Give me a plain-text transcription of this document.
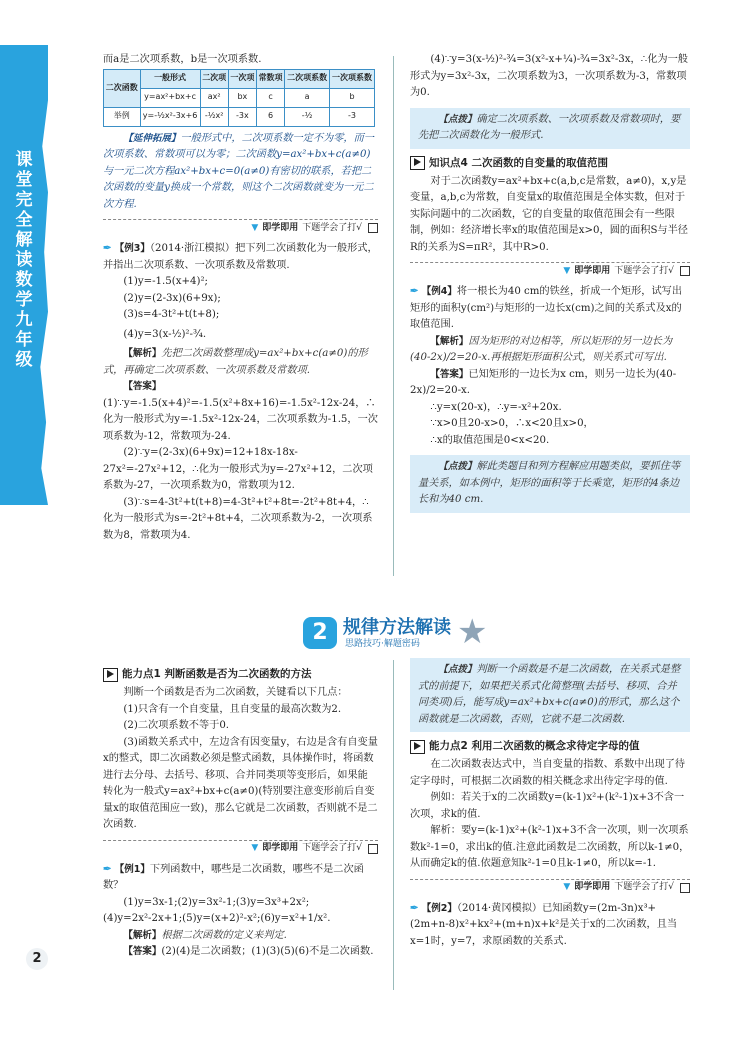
课堂完全解读 数学 九年级

而a是二次项系数，b是一次项系数.

二次函数	一般形式	二次项	一次项	常数项	二次项系数	一次项系数
	y=ax²+bx+c	ax²	bx	c	a	b
举例	y=-½x²-3x+6	-½x²	-3x	6	-½	-3

【延伸拓展】一般形式中，二次项系数一定不为零，而一次项系数、常数项可以为零；二次函数y=ax²+bx+c(a≠0)与一元二次方程ax²+bx+c=0(a≠0)有密切的联系，若把二次函数的变量y换成一个常数，则这个二次函数就变为一元二次方程.

▼ 即学即用 下题学会了打√

✒ 【例3】（2014·浙江模拟）把下列二次函数化为一般形式，并指出二次项系数、一次项系数及常数项.

(1)y=-1.5(x+4)²;

(2)y=(2-3x)(6+9x);

(3)s=4-3t²+t(t+8);

(4)y=3(x-½)²-¾.

【解析】先把二次函数整理成y=ax²+bx+c(a≠0)的形式，再确定二次项系数、一次项系数及常数项.

【答案】(1)∵y=-1.5(x+4)²=-1.5(x²+8x+16)=-1.5x²-12x-24，∴化为一般形式为y=-1.5x²-12x-24，二次项系数为-1.5，一次项系数为-12，常数项为-24.

(2)∵y=(2-3x)(6+9x)=12+18x-18x-27x²=-27x²+12，∴化为一般形式为y=-27x²+12，二次项系数为-27，一次项系数为0，常数项为12.

(3)∵s=4-3t²+t(t+8)=4-3t²+t²+8t=-2t²+8t+4，∴化为一般形式为s=-2t²+8t+4，二次项系数为-2，一次项系数为8，常数项为4.

(4)∵y=3(x-½)²-¾=3(x²-x+¼)-¾=3x²-3x，∴化为一般形式为y=3x²-3x，二次项系数为3，一次项系数为-3，常数项为0.

【点拨】确定二次项系数、一次项系数及常数项时，要先把二次函数化为一般形式.

知识点4 二次函数的自变量的取值范围

对于二次函数y=ax²+bx+c(a,b,c是常数，a≠0)，x,y是变量，a,b,c为常数，自变量x的取值范围是全体实数，但对于实际问题中的二次函数，它的自变量的取值范围会有一些限制，例如：经济增长率x的取值范围是x>0，圆的面积S与半径R的关系为S=πR²，其中R>0.

▼ 即学即用 下题学会了打√

✒ 【例4】将一根长为40 cm的铁丝，折成一个矩形，试写出矩形的面积y(cm²)与矩形的一边长x(cm)之间的关系式及x的取值范围.

【解析】因为矩形的对边相等，所以矩形的另一边长为(40-2x)/2=20-x.再根据矩形面积公式，则关系式可写出.

【答案】已知矩形的一边长为x cm，则另一边长为(40-2x)/2=20-x.

∴y=x(20-x)，∴y=-x²+20x.

∵x>0且20-x>0，∴x<20且x>0，

∴x的取值范围是0<x<20.

【点拨】解此类题目和列方程解应用题类似，要抓住等量关系，如本例中，矩形的面积等于长乘宽，矩形的4条边长和为40 cm.

2 规律方法解读
思路技巧·解题密码 ★
能力点1 判断函数是否为二次函数的方法

判断一个函数是否为二次函数，关键看以下几点：

(1)只含有一个自变量，且自变量的最高次数为2.

(2)二次项系数不等于0.

(3)函数关系式中，左边含有因变量y，右边是含有自变量x的整式，即二次函数必须是整式函数，具体操作时，将函数进行去分母、去括号、移项、合并同类项等变形后，如果能转化为一般式y=ax²+bx+c(a≠0)(特别要注意变形前后自变量x的取值范围应一致)，那么它就是二次函数，否则就不是二次函数.

▼ 即学即用 下题学会了打√

✒ 【例1】下列函数中，哪些是二次函数，哪些不是二次函数？

(1)y=3x-1;(2)y=3x²-1;(3)y=3x³+2x²;(4)y=2x²-2x+1;(5)y=(x+2)²-x²;(6)y=x²+1/x².

【解析】根据二次函数的定义来判定.

【答案】(2)(4)是二次函数；(1)(3)(5)(6)不是二次函数.

【点拨】判断一个函数是不是二次函数，在关系式是整式的前提下，如果把关系式化简整理(去括号、移项、合并同类项)后，能写成y=ax²+bx+c(a≠0)的形式，那么这个函数就是二次函数，否则，它就不是二次函数.

能力点2 利用二次函数的概念求待定字母的值

在二次函数表达式中，当自变量的指数、系数中出现了待定字母时，可根据二次函数的相关概念求出待定字母的值.

例如：若关于x的二次函数y=(k-1)x²+(k²-1)x+3不含一次项，求k的值.

解析：要y=(k-1)x²+(k²-1)x+3不含一次项，则一次项系数k²-1=0，求出k的值.注意此函数是二次函数，所以k-1≠0，从而确定k的值.依题意知k²-1=0且k-1≠0，所以k=-1.

▼ 即学即用 下题学会了打√

✒ 【例2】（2014·黄冈模拟）已知函数y=(2m-3n)x³+(2m+n-8)x²+kx²+(m+n)x+k²是关于x的二次函数，且当x=1时，y=7，求原函数的关系式.

2
